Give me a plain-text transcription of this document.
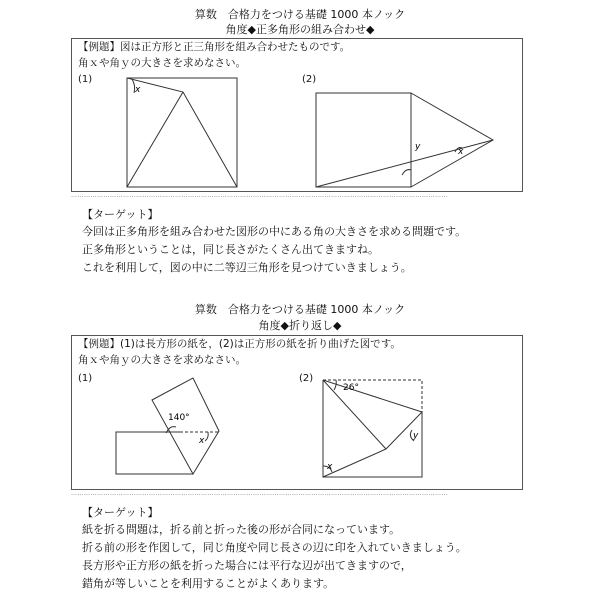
算数　合格力をつける基礎 1000 本ノック
角度◆正多角形の組み合わせ◆
【例題】図は正方形と正三角形を組み合わせたものです。
角ｘや角ｙの大きさを求めなさい。
(1)	(2)
x
y	x
…………………………………………………………………………………………………………………………………………………………
【ターゲット】
今回は正多角形を組み合わせた図形の中にある角の大きさを求める問題です。
正多角形ということは，同じ長さがたくさん出てきますね。
これを利用して，図の中に二等辺三角形を見つけていきましょう。
算数　合格力をつける基礎 1000 本ノック
角度◆折り返し◆
【例題】(1)は長方形の紙を，(2)は正方形の紙を折り曲げた図です。
角ｘや角ｙの大きさを求めなさい。
(1)	(2)
140°
x
26°
y
x
…………………………………………………………………………………………………………………………………………………………
【ターゲット】
紙を折る問題は，折る前と折った後の形が合同になっています。
折る前の形を作図して，同じ角度や同じ長さの辺に印を入れていきましょう。
長方形や正方形の紙を折った場合には平行な辺が出てきますので，
錯角が等しいことを利用することがよくあります。
